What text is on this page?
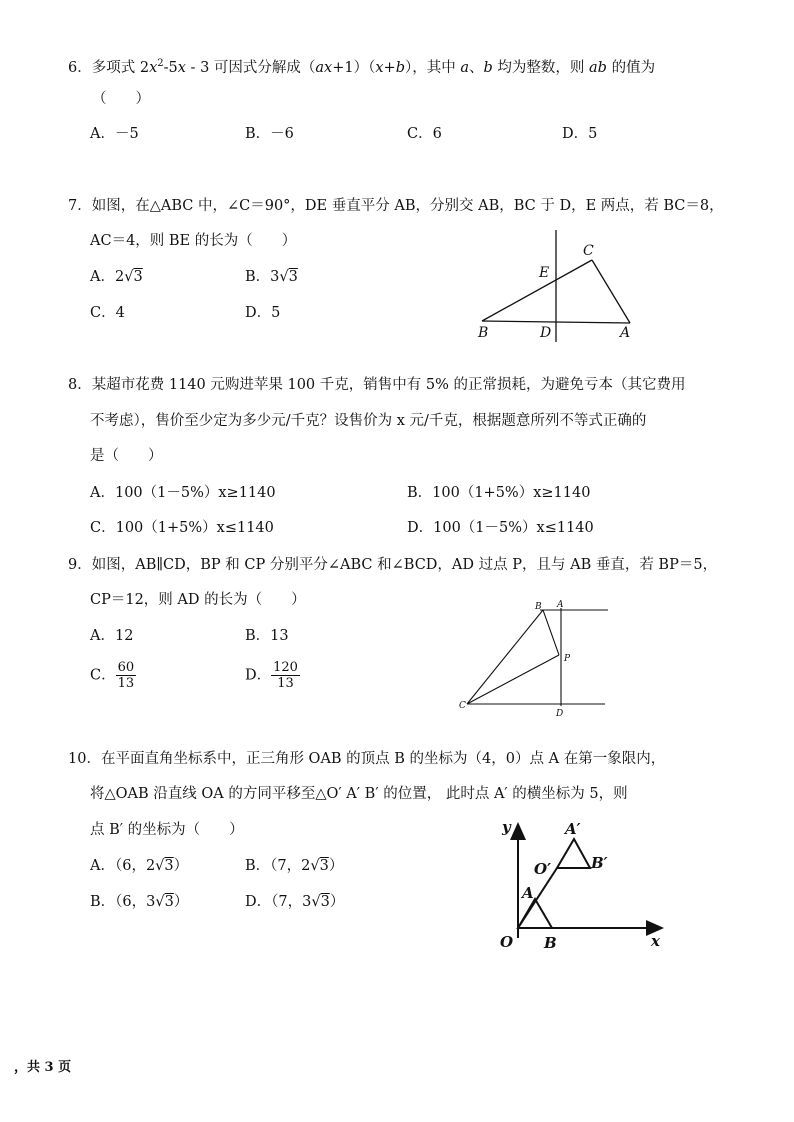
6．多项式 $2x^2-5x - 3$ 可因式分解成（ax+1）（x+b），其中 a、b 均为整数，则 ab 的值为
（　　）
A．－5	B．－6	C．6	D．5
7．如图，在△ABC 中，∠C＝90°，DE 垂直平分 AB，分别交 AB，BC 于 D，E 两点，若 BC＝8，
AC＝4，则 BE 的长为（　　）
A．2√3	B．3√3
C．4	D．5
C
E
B	D	A
8．某超市花费 1140 元购进苹果 100 千克，销售中有 5% 的正常损耗，为避免亏本（其它费用
不考虑），售价至少定为多少元/千克？设售价为 x 元/千克，根据题意所列不等式正确的
是（　　）
A．100（1－5%）x≥1140	B．100（1+5%）x≥1140
C．100（1+5%）x≤1140	D．100（1－5%）x≤1140
9．如图，AB∥CD，BP 和 CP 分别平分∠ABC 和∠BCD，AD 过点 P，且与 AB 垂直，若 BP＝5，
CP＝12，则 AD 的长为（　　）
A．12	B．13
C． $\frac{60}{13}$	D． $\frac{120}{13}$
B A
P
C
D
10．在平面直角坐标系中，正三角形 OAB 的顶点 B 的坐标为（4，0）点 A 在第一象限内，
将△OAB 沿直线 OA 的方同平移至△O′ A′ B′ 的位置， 此时点 A′ 的横坐标为 5，则
点 B′ 的坐标为（　　）
A．（6，2√3）	B．（7，2√3）
B．（6，3√3）	D．（7，3√3）
y
x
O
A
B
O′
A′
B′
，共 3 页
